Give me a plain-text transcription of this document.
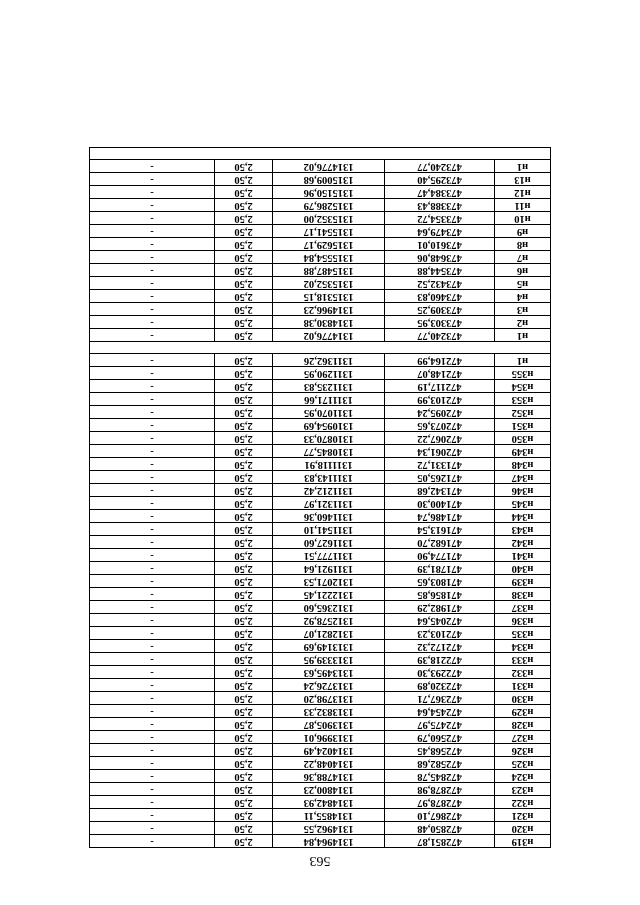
н319	472851,87	1314964,84	2,50	-
н320	472850,48	1314962,55	2,50	-
н321	472867,10	1314855,11	2,50	-
н322	472878,97	1314842,93	2,50	-
н323	472878,98	1314800,23	2,50	-
н324	472845,78	1314788,36	2,50	-
н325	472582,68	1314048,22	2,50	-
н326	472568,45	1314024,49	2,50	-
н327	472560,79	1313996,01	2,50	-
н328	472475,97	1313905,87	2,50	-
н329	472454,64	1313832,33	2,50	-
н330	472367,71	1313798,20	2,50	-
н331	472320,89	1313726,24	2,50	-
н332	472293,30	1313495,63	2,50	-
н333	472218,39	1313339,95	2,50	-
н334	472172,32	1313149,69	2,50	-
н335	472103,23	1312821,07	2,50	-
н336	472045,64	1312578,92	2,50	-
н337	471982,29	1312365,60	2,50	-
н338	471856,85	1312221,45	2,50	-
н339	471803,65	1312071,53	2,50	-
н340	471781,39	1311921,64	2,50	-
н341	471774,90	1311777,51	2,50	-
н342	471682,70	1311627,60	2,50	-
н343	471613,54	1311541,10	2,50	-
н344	471486,74	1311460,36	2,50	-
н345	471400,30	1311321,97	2,50	-
н346	471342,68	1311212,42	2,50	-
н347	471265,05	1311143,83	2,50	-
н348	471331,72	1311118,91	2,50	-
н349	472061,34	1310845,77	2,50	-
н350	472067,22	1310870,33	2,50	-
н351	472073,65	1310954,69	2,50	-
н352	472095,24	1311070,95	2,50	-
н353	472103,99	1311171,66	2,50	-
н354	472117,19	1311235,83	2,50	-
н355	472148,07	1311290,95	2,50	-
н1	472164,99	1311362,26	2,50	-

н1	473240,77	1314776,02	2,50	-
н2	473303,95	1314830,38	2,50	-
н3	473309,25	1314966,23	2,50	-
н4	473460,83	1315318,15	2,50	-
н5	473432,52	1315352,02	2,50	-
н6	473544,88	1315487,88	2,50	-
н7	473648,06	1315554,84	2,50	-
н8	473610,01	1315629,17	2,50	-
н9	473479,64	1315541,17	2,50	-
н10	473354,72	1315352,00	2,50	-
н11	473388,43	1315286,79	2,50	-
н12	473384,47	1315150,96	2,50	-
н13	473295,40	1315009,68	2,50	-
н1	473240,77	1314776,02	2,50	-

563
